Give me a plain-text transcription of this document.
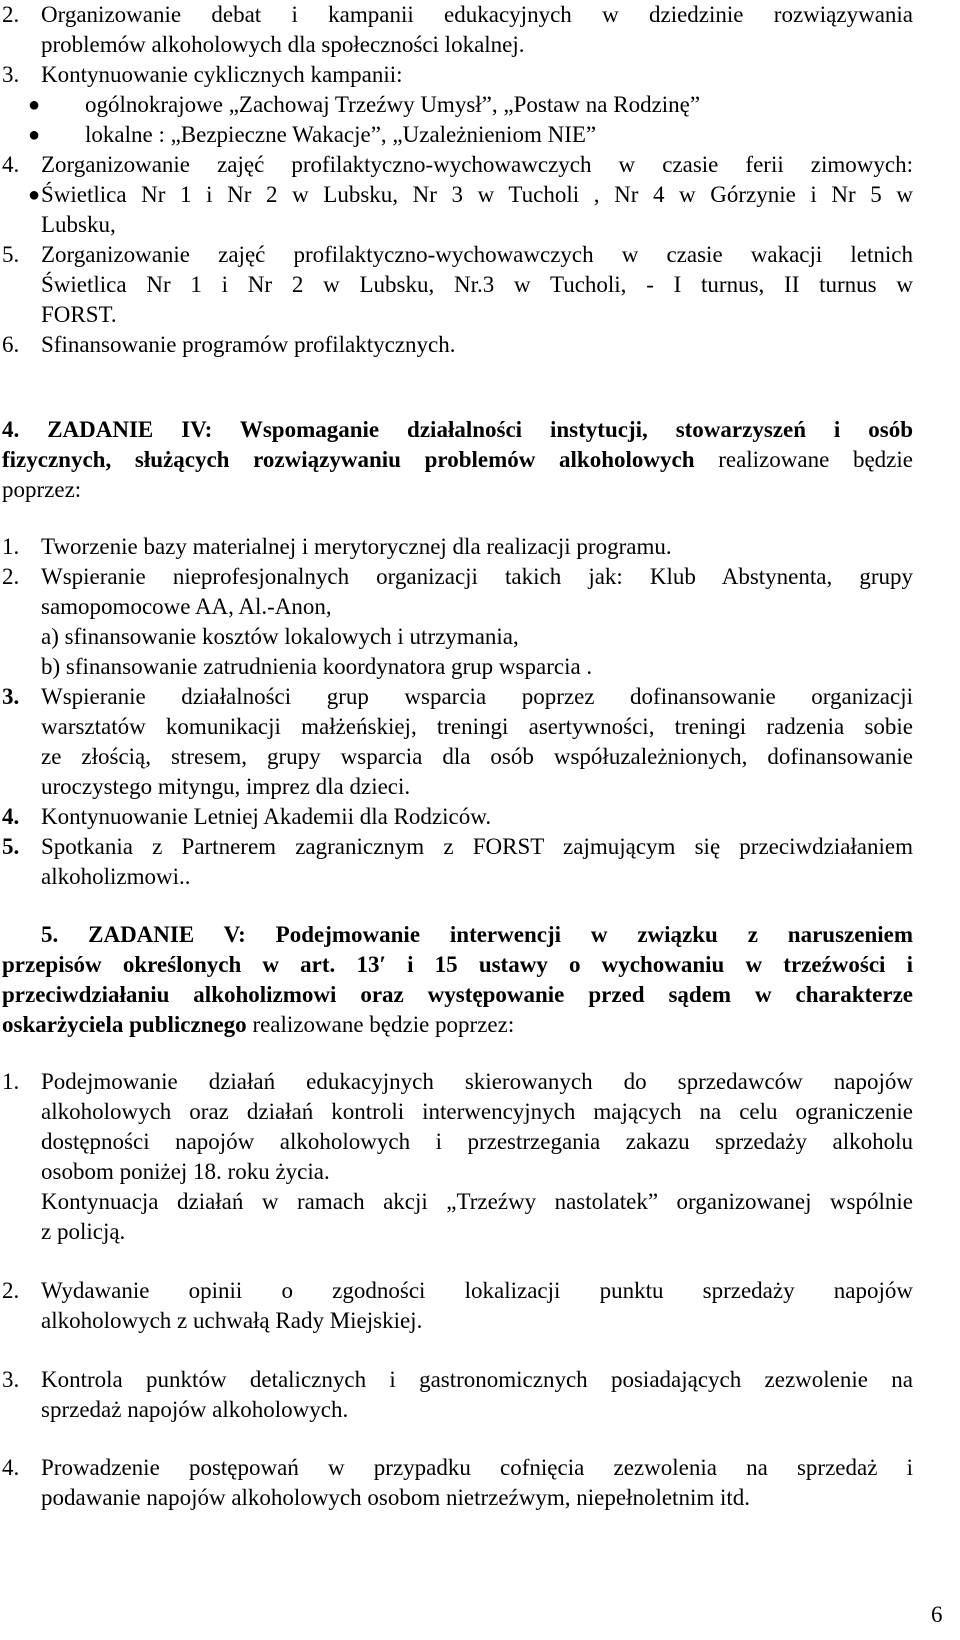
2. Organizowanie debat i kampanii edukacyjnych w dziedzinie rozwiązywania
problemów alkoholowych dla społeczności lokalnej.
3. Kontynuowanie cyklicznych kampanii:
● ogólnokrajowe „Zachowaj Trzeźwy Umysł”, „Postaw na Rodzinę”
● lokalne : „Bezpieczne Wakacje”, „Uzależnieniom NIE”
4. Zorganizowanie zajęć profilaktyczno-wychowawczych w czasie ferii zimowych:
● Świetlica Nr 1 i Nr 2 w Lubsku, Nr 3 w Tucholi , Nr 4 w Górzynie i Nr 5 w
Lubsku,
5. Zorganizowanie zajęć profilaktyczno-wychowawczych w czasie wakacji letnich
Świetlica Nr 1 i Nr 2 w Lubsku, Nr.3 w Tucholi, - I turnus, II turnus w
FORST.
6. Sfinansowanie programów profilaktycznych.
4. ZADANIE IV: Wspomaganie działalności instytucji, stowarzyszeń i osób
fizycznych, służących rozwiązywaniu problemów alkoholowych realizowane będzie
poprzez:
1. Tworzenie bazy materialnej i merytorycznej dla realizacji programu.
2. Wspieranie nieprofesjonalnych organizacji takich jak: Klub Abstynenta, grupy
samopomocowe AA, Al.-Anon,
a) sfinansowanie kosztów lokalowych i utrzymania,
b) sfinansowanie zatrudnienia koordynatora grup wsparcia .
3. Wspieranie działalności grup wsparcia poprzez dofinansowanie organizacji
warsztatów komunikacji małżeńskiej, treningi asertywności, treningi radzenia sobie
ze złością, stresem, grupy wsparcia dla osób współuzależnionych, dofinansowanie
uroczystego mityngu, imprez dla dzieci.
4. Kontynuowanie Letniej Akademii dla Rodziców.
5. Spotkania z Partnerem zagranicznym z FORST zajmującym się przeciwdziałaniem
alkoholizmowi..
5. ZADANIE V: Podejmowanie interwencji w związku z naruszeniem
przepisów określonych w art. 13′ i 15 ustawy o wychowaniu w trzeźwości i
przeciwdziałaniu alkoholizmowi oraz występowanie przed sądem w charakterze
oskarżyciela publicznego realizowane będzie poprzez:
1. Podejmowanie działań edukacyjnych skierowanych do sprzedawców napojów
alkoholowych oraz działań kontroli interwencyjnych mających na celu ograniczenie
dostępności napojów alkoholowych i przestrzegania zakazu sprzedaży alkoholu
osobom poniżej 18. roku życia.
Kontynuacja działań w ramach akcji „Trzeźwy nastolatek” organizowanej wspólnie
z policją.
2. Wydawanie opinii o zgodności lokalizacji punktu sprzedaży napojów
alkoholowych z uchwałą Rady Miejskiej.
3. Kontrola punktów detalicznych i gastronomicznych posiadających zezwolenie na
sprzedaż napojów alkoholowych.
4. Prowadzenie postępowań w przypadku cofnięcia zezwolenia na sprzedaż i
podawanie napojów alkoholowych osobom nietrzeźwym, niepełnoletnim itd.
6
